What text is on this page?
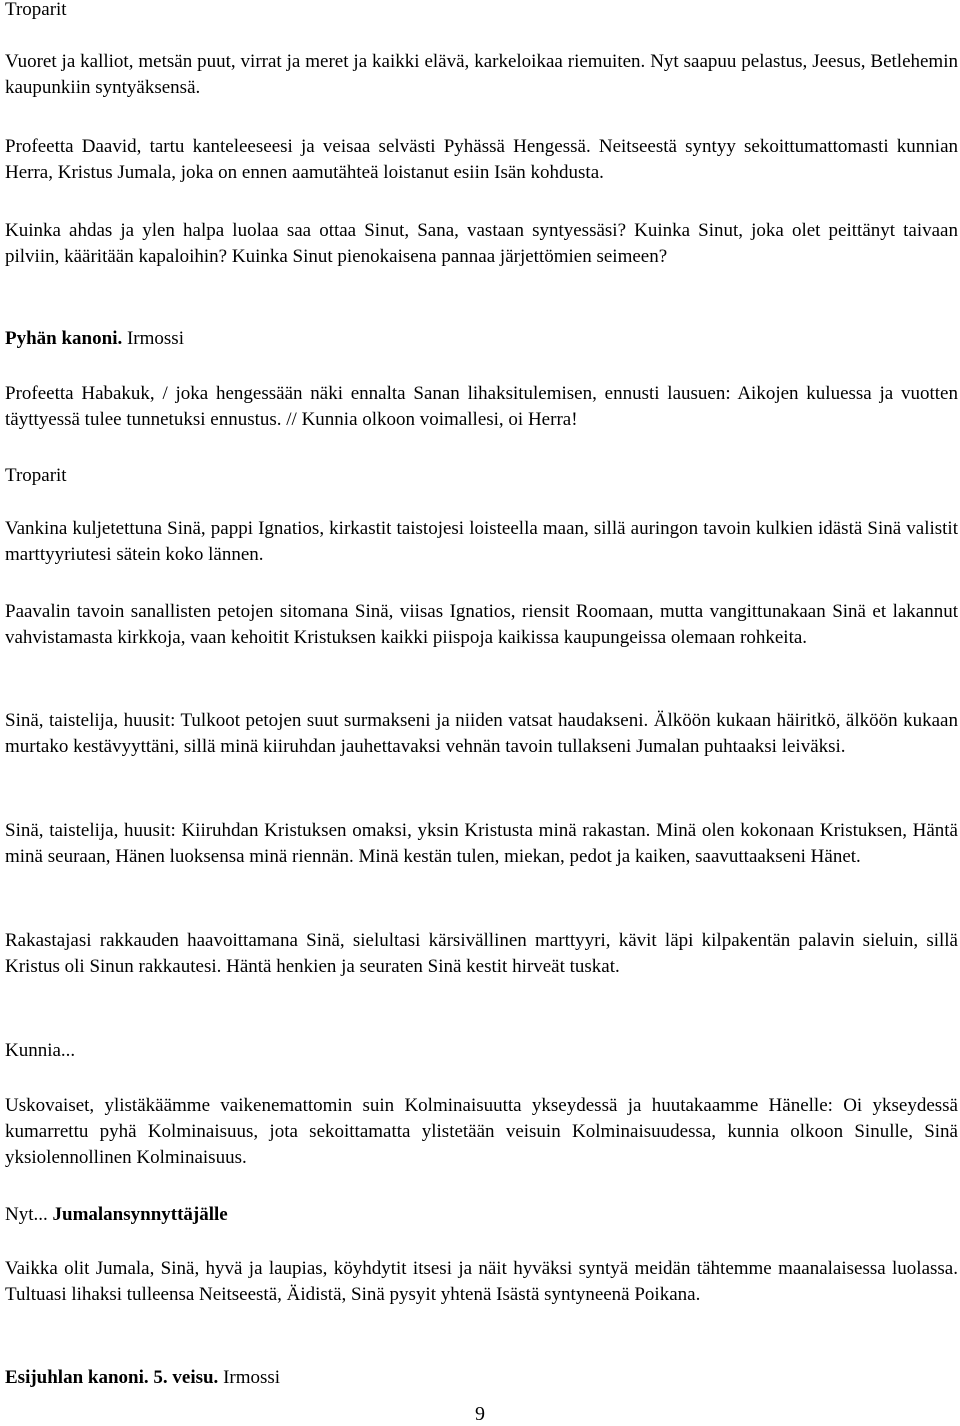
Troparit

Vuoret ja kalliot, metsän puut, virrat ja meret ja kaikki elävä, karkeloikaa riemuiten. Nyt saapuu pelastus, Jeesus, Betlehemin kaupunkiin syntyäksensä.

Profeetta Daavid, tartu kanteleeseesi ja veisaa selvästi Pyhässä Hengessä. Neitseestä syntyy sekoittumattomasti kunnian Herra, Kristus Jumala, joka on ennen aamutähteä loistanut esiin Isän kohdusta.

Kuinka ahdas ja ylen halpa luolaa saa ottaa Sinut, Sana, vastaan syntyessäsi? Kuinka Sinut, joka olet peittänyt taivaan pilviin, kääritään kapaloihin? Kuinka Sinut pienokaisena pannaa järjettömien seimeen?

Pyhän kanoni. Irmossi

Profeetta Habakuk, / joka hengessään näki ennalta Sanan lihaksitulemisen, ennusti lausuen: Aikojen kuluessa ja vuotten täyttyessä tulee tunnetuksi ennustus. // Kunnia olkoon voimallesi, oi Herra!

Troparit

Vankina kuljetettuna Sinä, pappi Ignatios, kirkastit taistojesi loisteella maan, sillä auringon tavoin kulkien idästä Sinä valistit marttyyriutesi sätein koko lännen.

Paavalin tavoin sanallisten petojen sitomana Sinä, viisas Ignatios, riensit Roomaan, mutta vangittunakaan Sinä et lakannut vahvistamasta kirkkoja, vaan kehoitit Kristuksen kaikki piispoja kaikissa kaupungeissa olemaan rohkeita.

Sinä, taistelija, huusit: Tulkoot petojen suut surmakseni ja niiden vatsat haudakseni. Älköön kukaan häiritkö, älköön kukaan murtako kestävyyttäni, sillä minä kiiruhdan jauhettavaksi vehnän tavoin tullakseni Jumalan puhtaaksi leiväksi.

Sinä, taistelija, huusit: Kiiruhdan Kristuksen omaksi, yksin Kristusta minä rakastan. Minä olen kokonaan Kristuksen, Häntä minä seuraan, Hänen luoksensa minä riennän. Minä kestän tulen, miekan, pedot ja kaiken, saavuttaakseni Hänet.

Rakastajasi rakkauden haavoittamana Sinä, sielultasi kärsivällinen marttyyri, kävit läpi kilpakentän palavin sieluin, sillä Kristus oli Sinun rakkautesi. Häntä henkien ja seuraten Sinä kestit hirveät tuskat.

Kunnia...

Uskovaiset, ylistäkäämme vaikenemattomin suin Kolminaisuutta ykseydessä ja huutakaamme Hänelle: Oi ykseydessä kumarrettu pyhä Kolminaisuus, jota sekoittamatta ylistetään veisuin Kolminaisuudessa, kunnia olkoon Sinulle, Sinä yksiolennollinen Kolminaisuus.

Nyt... Jumalansynnyttäjälle

Vaikka olit Jumala, Sinä, hyvä ja laupias, köyhdytit itsesi ja näit hyväksi syntyä meidän tähtemme maanalaisessa luolassa. Tultuasi lihaksi tulleensa Neitseestä, Äidistä, Sinä pysyit yhtenä Isästä syntyneenä Poikana.

Esijuhlan kanoni. 5. veisu. Irmossi

9
